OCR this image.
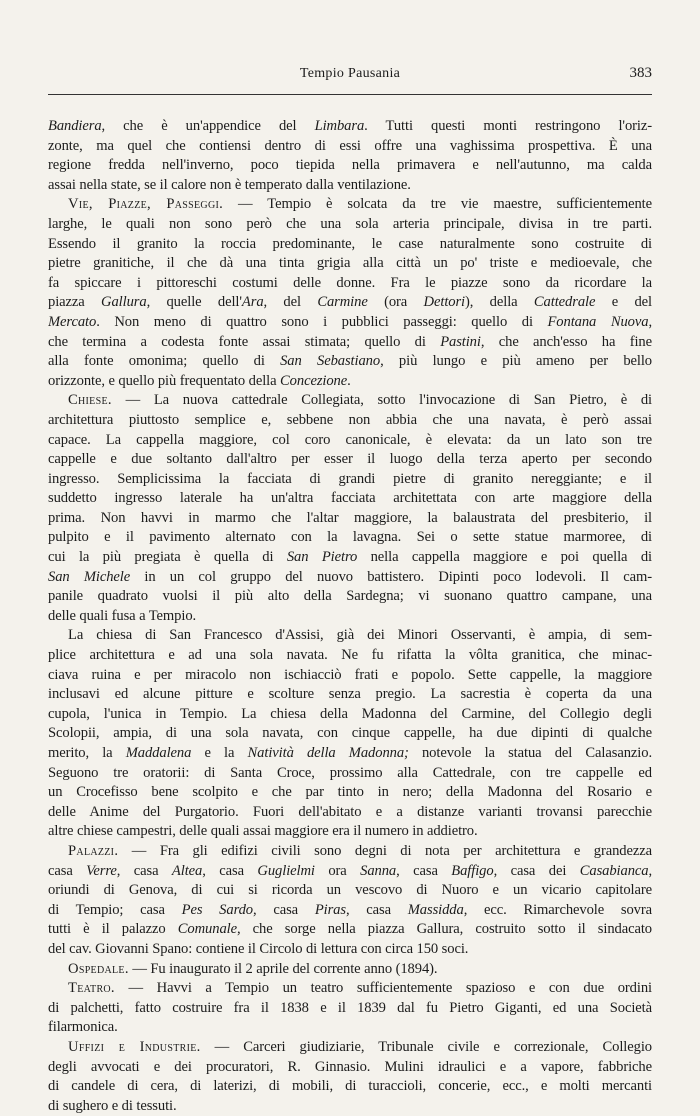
Tempio Pausania	383
Bandiera, che è un'appendice del Limbara. Tutti questi monti restringono l'oriz-
zonte, ma quel che contiensi dentro di essi offre una vaghissima prospettiva. È una
regione fredda nell'inverno, poco tiepida nella primavera e nell'autunno, ma calda
assai nella state, se il calore non è temperato dalla ventilazione.
Vie, Piazze, Passeggi. — Tempio è solcata da tre vie maestre, sufficientemente
larghe, le quali non sono però che una sola arteria principale, divisa in tre parti.
Essendo il granito la roccia predominante, le case naturalmente sono costruite di
pietre granitiche, il che dà una tinta grigia alla città un po' triste e medioevale, che
fa spiccare i pittoreschi costumi delle donne. Fra le piazze sono da ricordare la
piazza Gallura, quelle dell'Ara, del Carmine (ora Dettori), della Cattedrale e del
Mercato. Non meno di quattro sono i pubblici passeggi: quello di Fontana Nuova,
che termina a codesta fonte assai stimata; quello di Pastini, che anch'esso ha fine
alla fonte omonima; quello di San Sebastiano, più lungo e più ameno per bello
orizzonte, e quello più frequentato della Concezione.
Chiese. — La nuova cattedrale Collegiata, sotto l'invocazione di San Pietro, è di
architettura piuttosto semplice e, sebbene non abbia che una navata, è però assai
capace. La cappella maggiore, col coro canonicale, è elevata: da un lato son tre
cappelle e due soltanto dall'altro per esser il luogo della terza aperto per secondo
ingresso. Semplicissima la facciata di grandi pietre di granito nereggiante; e il
suddetto ingresso laterale ha un'altra facciata architettata con arte maggiore della
prima. Non havvi in marmo che l'altar maggiore, la balaustrata del presbiterio, il
pulpito e il pavimento alternato con la lavagna. Sei o sette statue marmoree, di
cui la più pregiata è quella di San Pietro nella cappella maggiore e poi quella di
San Michele in un col gruppo del nuovo battistero. Dipinti poco lodevoli. Il cam-
panile quadrato vuolsi il più alto della Sardegna; vi suonano quattro campane, una
delle quali fusa a Tempio.
La chiesa di San Francesco d'Assisi, già dei Minori Osservanti, è ampia, di sem-
plice architettura e ad una sola navata. Ne fu rifatta la vôlta granitica, che minac-
ciava ruina e per miracolo non ischiacciò frati e popolo. Sette cappelle, la maggiore
inclusavi ed alcune pitture e scolture senza pregio. La sacrestia è coperta da una
cupola, l'unica in Tempio. La chiesa della Madonna del Carmine, del Collegio degli
Scolopii, ampia, di una sola navata, con cinque cappelle, ha due dipinti di qualche
merito, la Maddalena e la Natività della Madonna; notevole la statua del Calasanzio.
Seguono tre oratorii: di Santa Croce, prossimo alla Cattedrale, con tre cappelle ed
un Crocefisso bene scolpito e che par tinto in nero; della Madonna del Rosario e
delle Anime del Purgatorio. Fuori dell'abitato e a distanze varianti trovansi parecchie
altre chiese campestri, delle quali assai maggiore era il numero in addietro.
Palazzi. — Fra gli edifizi civili sono degni di nota per architettura e grandezza
casa Verre, casa Altea, casa Guglielmi ora Sanna, casa Baffigo, casa dei Casabianca,
oriundi di Genova, di cui si ricorda un vescovo di Nuoro e un vicario capitolare
di Tempio; casa Pes Sardo, casa Piras, casa Massidda, ecc. Rimarchevole sovra
tutti è il palazzo Comunale, che sorge nella piazza Gallura, costruito sotto il sindacato
del cav. Giovanni Spano: contiene il Circolo di lettura con circa 150 soci.
Ospedale. — Fu inaugurato il 2 aprile del corrente anno (1894).
Teatro. — Havvi a Tempio un teatro sufficientemente spazioso e con due ordini
di palchetti, fatto costruire fra il 1838 e il 1839 dal fu Pietro Giganti, ed una Società
filarmonica.
Uffizi e Industrie. — Carceri giudiziarie, Tribunale civile e correzionale, Collegio
degli avvocati e dei procuratori, R. Ginnasio. Mulini idraulici e a vapore, fabbriche
di candele di cera, di laterizi, di mobili, di turaccioli, concerie, ecc., e molti mercanti
di sughero e di tessuti.
